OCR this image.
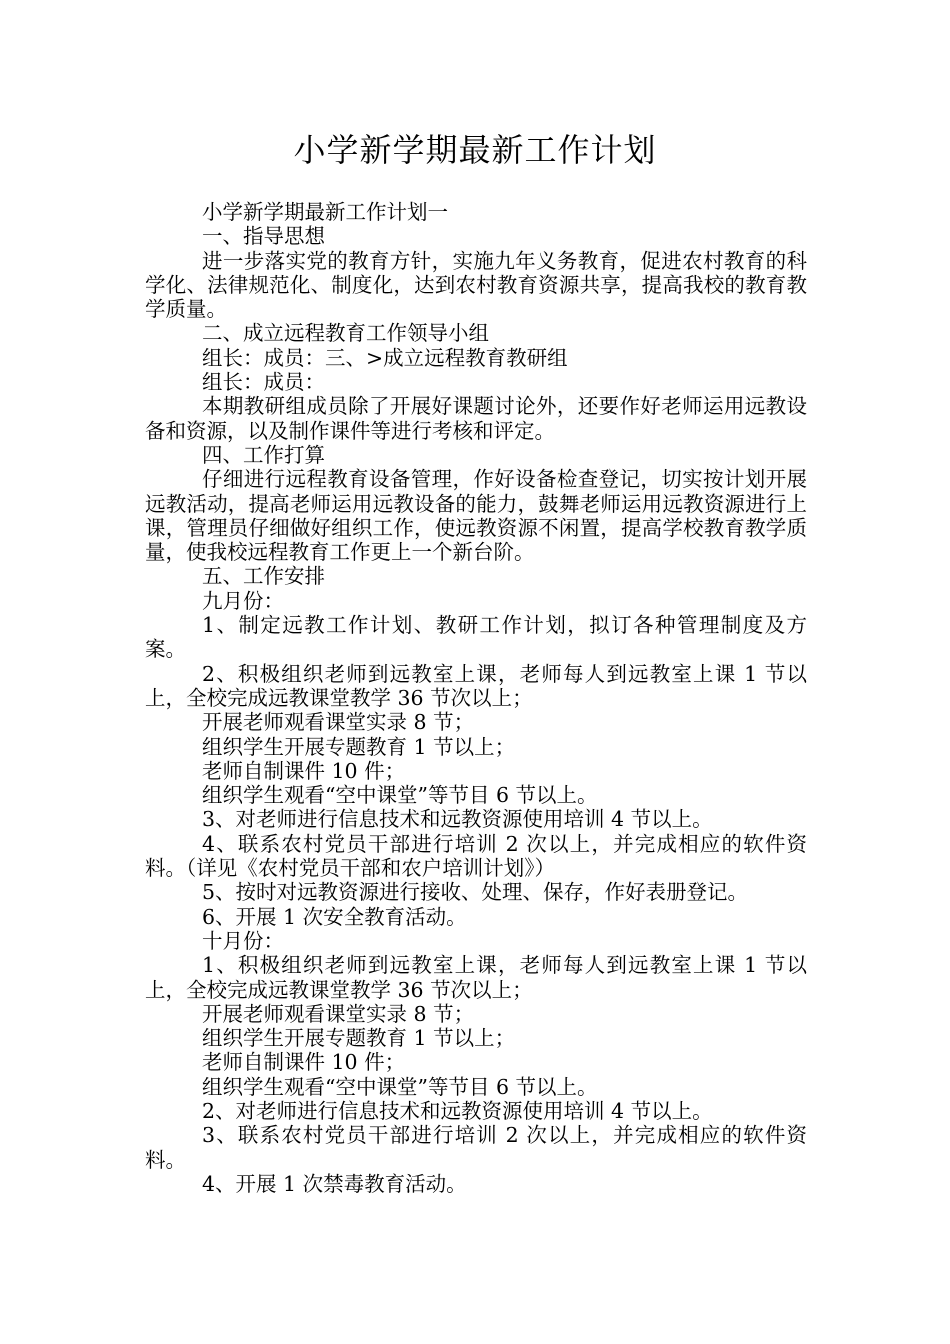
小学新学期最新工作计划

小学新学期最新工作计划一

一、指导思想

进一步落实党的教育方针，实施九年义务教育，促进农村教育的科学化、法律规范化、制度化，达到农村教育资源共享，提高我校的教育教学质量。

二、成立远程教育工作领导小组

组长：成员：三、>成立远程教育教研组

组长：成员：

本期教研组成员除了开展好课题讨论外，还要作好老师运用远教设备和资源，以及制作课件等进行考核和评定。

四、工作打算

仔细进行远程教育设备管理，作好设备检查登记，切实按计划开展远教活动，提高老师运用远教设备的能力，鼓舞老师运用远教资源进行上课，管理员仔细做好组织工作，使远教资源不闲置，提高学校教育教学质量，使我校远程教育工作更上一个新台阶。

五、工作安排

九月份：

1、制定远教工作计划、教研工作计划，拟订各种管理制度及方案。

2、积极组织老师到远教室上课，老师每人到远教室上课 1 节以上，全校完成远教课堂教学 36 节次以上；

开展老师观看课堂实录 8 节；

组织学生开展专题教育 1 节以上；

老师自制课件 10 件；

组织学生观看“空中课堂”等节目 6 节以上。

3、对老师进行信息技术和远教资源使用培训 4 节以上。

4、联系农村党员干部进行培训 2 次以上，并完成相应的软件资料。（详见《农村党员干部和农户培训计划》）

5、按时对远教资源进行接收、处理、保存，作好表册登记。

6、开展 1 次安全教育活动。

十月份：

1、积极组织老师到远教室上课，老师每人到远教室上课 1 节以上，全校完成远教课堂教学 36 节次以上；

开展老师观看课堂实录 8 节；

组织学生开展专题教育 1 节以上；

老师自制课件 10 件；

组织学生观看“空中课堂”等节目 6 节以上。

2、对老师进行信息技术和远教资源使用培训 4 节以上。

3、联系农村党员干部进行培训 2 次以上，并完成相应的软件资料。

4、开展 1 次禁毒教育活动。
